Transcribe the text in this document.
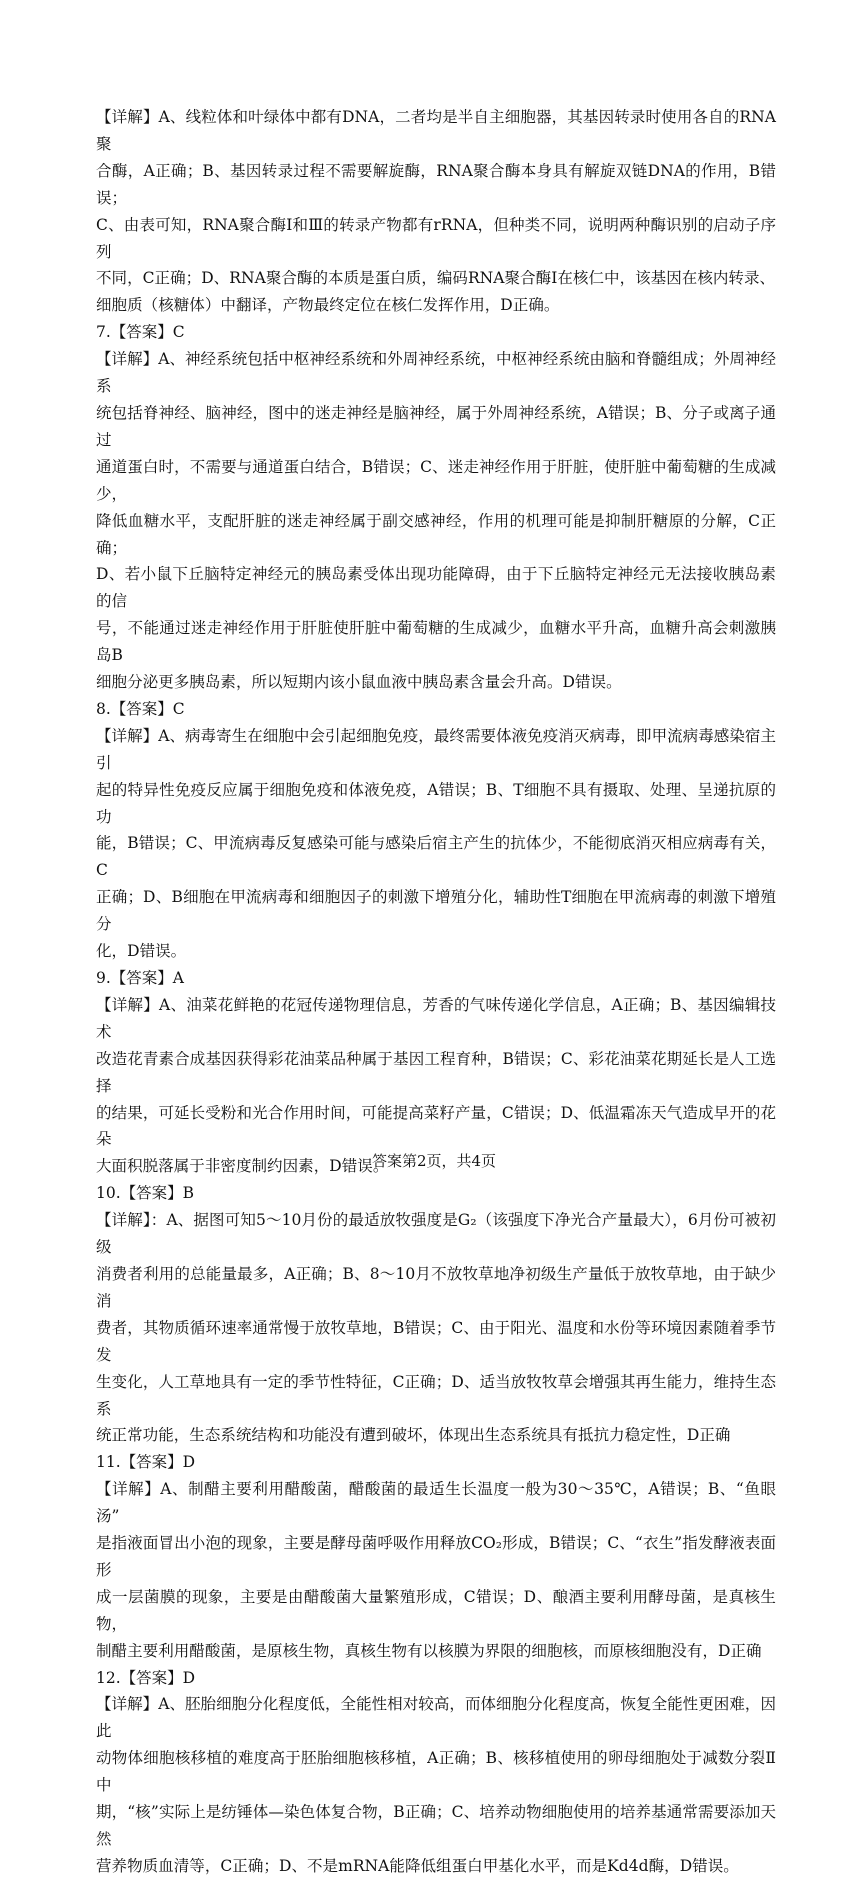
【详解】A、线粒体和叶绿体中都有DNA，二者均是半自主细胞器，其基因转录时使用各自的RNA聚

合酶，A正确；B、基因转录过程不需要解旋酶，RNA聚合酶本身具有解旋双链DNA的作用，B错误；

C、由表可知，RNA聚合酶Ⅰ和Ⅲ的转录产物都有rRNA，但种类不同，说明两种酶识别的启动子序列

不同，C正确；D、RNA聚合酶的本质是蛋白质，编码RNA聚合酶Ⅰ在核仁中，该基因在核内转录、

细胞质（核糖体）中翻译，产物最终定位在核仁发挥作用，D正确。

7.【答案】C

【详解】A、神经系统包括中枢神经系统和外周神经系统，中枢神经系统由脑和脊髓组成；外周神经系

统包括脊神经、脑神经，图中的迷走神经是脑神经，属于外周神经系统，A错误；B、分子或离子通过

通道蛋白时，不需要与通道蛋白结合，B错误；C、迷走神经作用于肝脏，使肝脏中葡萄糖的生成减少，

降低血糖水平，支配肝脏的迷走神经属于副交感神经，作用的机理可能是抑制肝糖原的分解，C正确；

D、若小鼠下丘脑特定神经元的胰岛素受体出现功能障碍，由于下丘脑特定神经元无法接收胰岛素的信

号，不能通过迷走神经作用于肝脏使肝脏中葡萄糖的生成减少，血糖水平升高，血糖升高会刺激胰岛B

细胞分泌更多胰岛素，所以短期内该小鼠血液中胰岛素含量会升高。D错误。

8.【答案】C

【详解】A、病毒寄生在细胞中会引起细胞免疫，最终需要体液免疫消灭病毒，即甲流病毒感染宿主引

起的特异性免疫反应属于细胞免疫和体液免疫，A错误；B、T细胞不具有摄取、处理、呈递抗原的功

能，B错误；C、甲流病毒反复感染可能与感染后宿主产生的抗体少，不能彻底消灭相应病毒有关，C

正确；D、B细胞在甲流病毒和细胞因子的刺激下增殖分化，辅助性T细胞在甲流病毒的刺激下增殖分

化，D错误。

9.【答案】A

【详解】A、油菜花鲜艳的花冠传递物理信息，芳香的气味传递化学信息，A正确；B、基因编辑技术

改造花青素合成基因获得彩花油菜品种属于基因工程育种，B错误；C、彩花油菜花期延长是人工选择

的结果，可延长受粉和光合作用时间，可能提高菜籽产量，C错误；D、低温霜冻天气造成早开的花朵

大面积脱落属于非密度制约因素，D错误。

10.【答案】B

【详解】：A、据图可知5～10月份的最适放牧强度是G₂（该强度下净光合产量最大），6月份可被初级

消费者利用的总能量最多，A正确；B、8～10月不放牧草地净初级生产量低于放牧草地，由于缺少消

费者，其物质循环速率通常慢于放牧草地，B错误；C、由于阳光、温度和水份等环境因素随着季节发

生变化，人工草地具有一定的季节性特征，C正确；D、适当放牧牧草会增强其再生能力，维持生态系

统正常功能，生态系统结构和功能没有遭到破坏，体现出生态系统具有抵抗力稳定性，D正确

11.【答案】D

【详解】A、制醋主要利用醋酸菌，醋酸菌的最适生长温度一般为30～35℃，A错误；B、“鱼眼汤”

是指液面冒出小泡的现象，主要是酵母菌呼吸作用释放CO₂形成，B错误；C、“衣生”指发酵液表面形

成一层菌膜的现象，主要是由醋酸菌大量繁殖形成，C错误；D、酿酒主要利用酵母菌，是真核生物，

制醋主要利用醋酸菌，是原核生物，真核生物有以核膜为界限的细胞核，而原核细胞没有，D正确

12.【答案】D

【详解】A、胚胎细胞分化程度低，全能性相对较高，而体细胞分化程度高，恢复全能性更困难，因此

动物体细胞核移植的难度高于胚胎细胞核移植，A正确；B、核移植使用的卵母细胞处于减数分裂Ⅱ中

期，“核”实际上是纺锤体—染色体复合物，B正确；C、培养动物细胞使用的培养基通常需要添加天然

营养物质血清等，C正确；D、不是mRNA能降低组蛋白甲基化水平，而是Kd4d酶，D错误。

答案第2页，共4页
